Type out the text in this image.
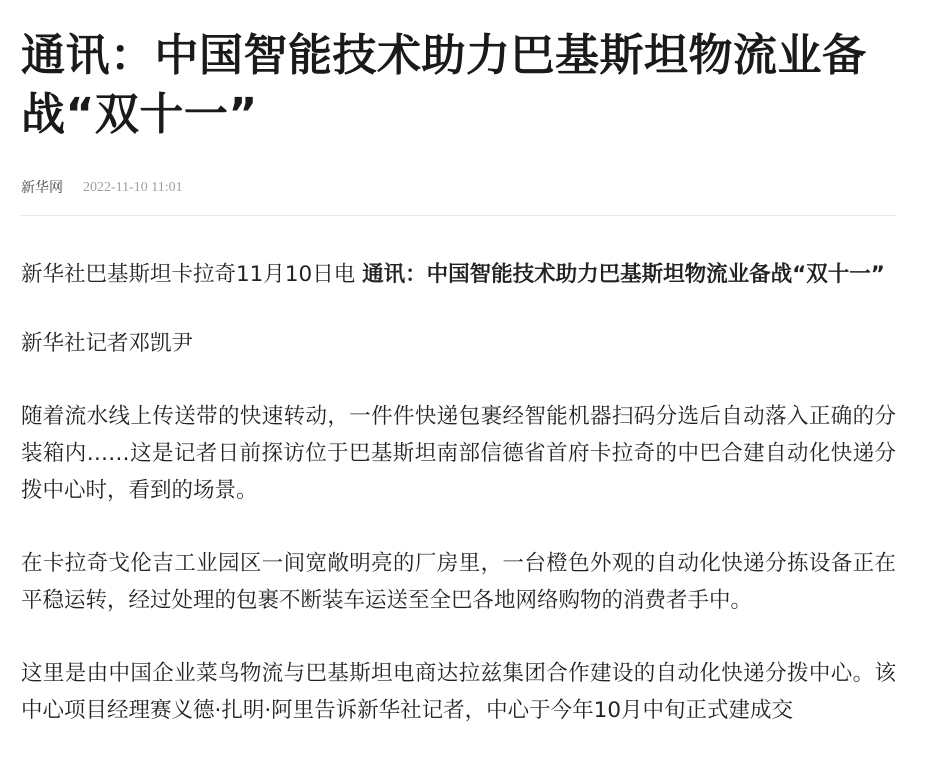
通讯：中国智能技术助力巴基斯坦物流业备战“双十一”
新华网 2022-11-10 11:01

新华社巴基斯坦卡拉奇11月10日电 通讯：中国智能技术助力巴基斯坦物流业备战“双十一”

新华社记者邓凯尹

随着流水线上传送带的快速转动，一件件快递包裹经智能机器扫码分选后自动落入正确的分装箱内……这是记者日前探访位于巴基斯坦南部信德省首府卡拉奇的中巴合建自动化快递分拨中心时，看到的场景。

在卡拉奇戈伦吉工业园区一间宽敞明亮的厂房里，一台橙色外观的自动化快递分拣设备正在平稳运转，经过处理的包裹不断装车运送至全巴各地网络购物的消费者手中。

这里是由中国企业菜鸟物流与巴基斯坦电商达拉兹集团合作建设的自动化快递分拨中心。该中心项目经理赛义德·扎明·阿里告诉新华社记者，中心于今年10月中旬正式建成交
